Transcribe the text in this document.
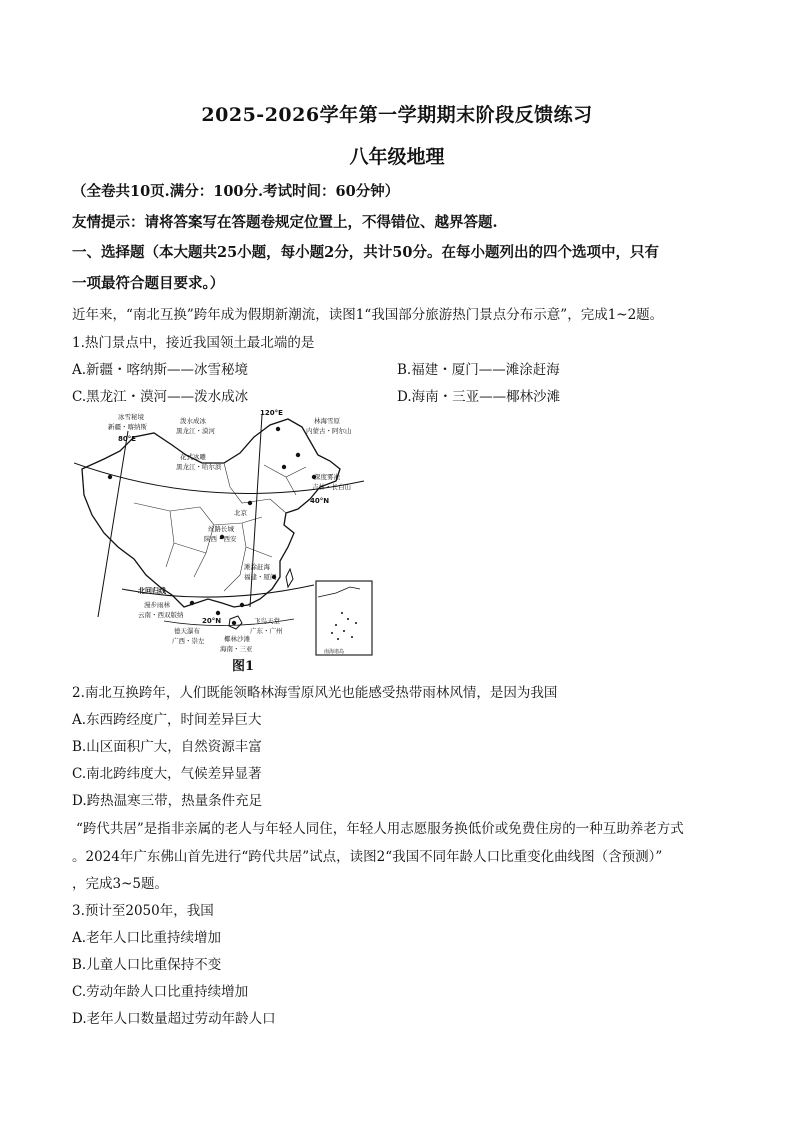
2025-2026学年第一学期期末阶段反馈练习
八年级地理
（全卷共10页.满分：100分.考试时间：60分钟）
友情提示：请将答案写在答题卷规定位置上，不得错位、越界答题.
一、选择题（本大题共25小题，每小题2分，共计50分。在每小题列出的四个选项中，只有
一项最符合题目要求。）
近年来，“南北互换”跨年成为假期新潮流，读图1“我国部分旅游热门景点分布示意”，完成1~2题。
1.热门景点中，接近我国领土最北端的是
A.新疆・喀纳斯——冰雪秘境	B.福建・厦门——滩涂赶海
C.黑龙江・漠河——泼水成冰	D.海南・三亚——椰林沙滩
冰雪秘境
新疆・喀纳斯
80°E
泼水成冰
黑龙江・漠河
120°E
林海雪原
内蒙古・阿尔山
花式冰雕
黑龙江・哈尔滨
深度雾凇
吉林・长白山
40°N
北京
丝路长城
陕西・西安
滩涂赶海
福建・厦门
北回归线
漫步雨林
云南・西双版纳
20°N	飞鸟天堂
广东・广州
德天瀑布
广西・崇左	椰林沙滩
海南・三亚	南海诸岛
图1
2.南北互换跨年，人们既能领略林海雪原风光也能感受热带雨林风情，是因为我国
A.东西跨经度广，时间差异巨大
B.山区面积广大，自然资源丰富
C.南北跨纬度大，气候差异显著
D.跨热温寒三带，热量条件充足
“跨代共居”是指非亲属的老人与年轻人同住，年轻人用志愿服务换低价或免费住房的一种互助养老方式
。2024年广东佛山首先进行“跨代共居”试点，读图2“我国不同年龄人口比重变化曲线图（含预测）”
，完成3~5题。
3.预计至2050年，我国
A.老年人口比重持续增加
B.儿童人口比重保持不变
C.劳动年龄人口比重持续增加
D.老年人口数量超过劳动年龄人口
